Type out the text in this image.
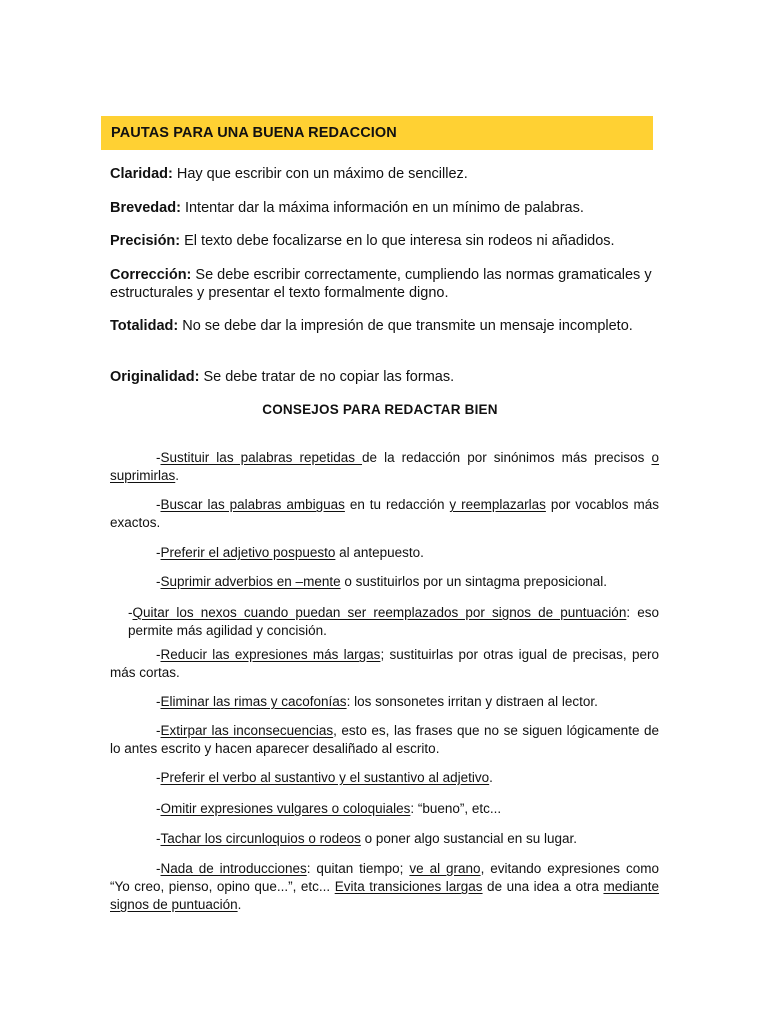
PAUTAS PARA UNA BUENA REDACCION

Claridad: Hay que escribir con un máximo de sencillez.

Brevedad: Intentar dar la máxima información en un mínimo de palabras.

Precisión: El texto debe focalizarse en lo que interesa sin rodeos ni añadidos.

Corrección: Se debe escribir correctamente, cumpliendo las normas gramaticales y estructurales y presentar el texto formalmente digno.

Totalidad: No se debe dar la impresión de que transmite un mensaje incompleto.

Originalidad: Se debe tratar de no copiar las formas.

CONSEJOS PARA REDACTAR BIEN

-Sustituir las palabras repetidas de la redacción por sinónimos más precisos o suprimirlas.

-Buscar las palabras ambiguas en tu redacción y reemplazarlas por vocablos más exactos.

-Preferir el adjetivo pospuesto al antepuesto.

-Suprimir adverbios en –mente o sustituirlos por un sintagma preposicional.

-Quitar los nexos cuando puedan ser reemplazados por signos de puntuación: eso permite más agilidad y concisión.

-Reducir las expresiones más largas; sustituirlas por otras igual de precisas, pero más cortas.

-Eliminar las rimas y cacofonías: los sonsonetes irritan y distraen al lector.

-Extirpar las inconsecuencias, esto es, las frases que no se siguen lógicamente de lo antes escrito y hacen aparecer desaliñado al escrito.

-Preferir el verbo al sustantivo y el sustantivo al adjetivo.

-Omitir expresiones vulgares o coloquiales: “bueno”, etc...

-Tachar los circunloquios o rodeos o poner algo sustancial en su lugar.

-Nada de introducciones: quitan tiempo; ve al grano, evitando expresiones como “Yo creo, pienso, opino que...”, etc... Evita transiciones largas de una idea a otra mediante signos de puntuación.
